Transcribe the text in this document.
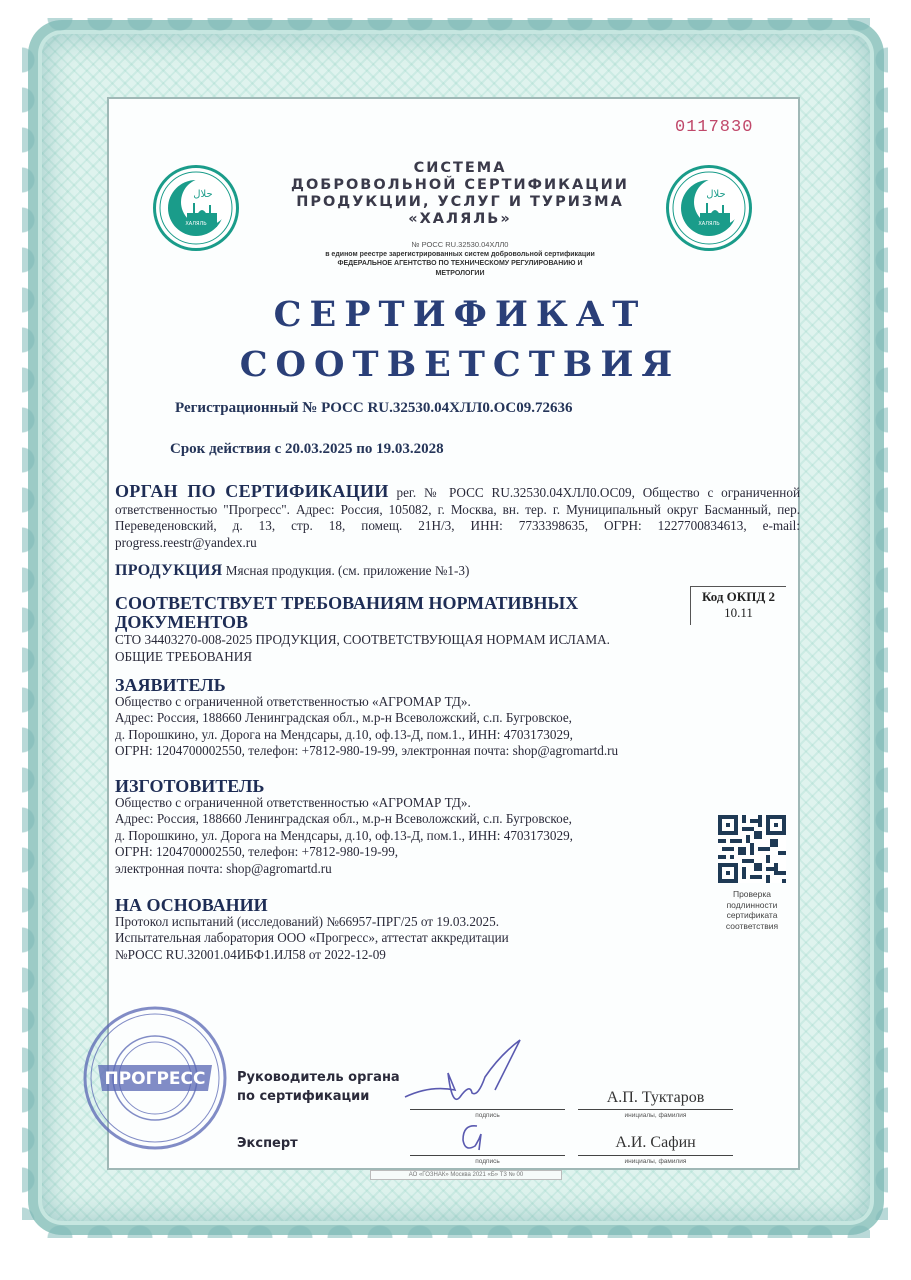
0117830
حلال
ХАЛЯЛЬ
حلال
ХАЛЯЛЬ
СИСТЕМА
ДОБРОВОЛЬНОЙ СЕРТИФИКАЦИИ
ПРОДУКЦИИ, УСЛУГ И ТУРИЗМА
«ХАЛЯЛЬ»
№ РОСС RU.32530.04ХЛЛ0
в едином реестре зарегистрированных систем добровольной сертификации
ФЕДЕРАЛЬНОЕ АГЕНТСТВО ПО ТЕХНИЧЕСКОМУ РЕГУЛИРОВАНИЮ И
МЕТРОЛОГИИ
СЕРТИФИКАТ
СООТВЕТСТВИЯ
Регистрационный № РОСС RU.32530.04ХЛЛ0.ОС09.72636
Срок действия с 20.03.2025 по 19.03.2028
ОРГАН ПО СЕРТИФИКАЦИИ рег. № РОСС RU.32530.04ХЛЛ0.ОС09, Общество с ограниченной ответственностью "Прогресс". Адрес: Россия, 105082, г. Москва, вн. тер. г. Муниципальный округ Басманный, пер. Переведеновский, д. 13, стр. 18, помещ. 21Н/3, ИНН: 7733398635, ОГРН: 1227700834613, e-mail: progress.reestr@yandex.ru
ПРОДУКЦИЯ Мясная продукция. (см. приложение №1-3)
СООТВЕТСТВУЕТ ТРЕБОВАНИЯМ НОРМАТИВНЫХ
ДОКУМЕНТОВ
СТО 34403270-008-2025 ПРОДУКЦИЯ, СООТВЕТСТВУЮЩАЯ НОРМАМ ИСЛАМА.
ОБЩИЕ ТРЕБОВАНИЯ
Код ОКПД 2
10.11
ЗАЯВИТЕЛЬ
Общество с ограниченной ответственностью «АГРОМАР ТД».
Адрес: Россия, 188660 Ленинградская обл., м.р-н Всеволожский, с.п. Бугровское,
д. Порошкино, ул. Дорога на Мендсары, д.10, оф.13-Д, пом.1., ИНН: 4703173029,
ОГРН: 1204700002550, телефон: +7812-980-19-99, электронная почта: shop@agromartd.ru
ИЗГОТОВИТЕЛЬ
Общество с ограниченной ответственностью «АГРОМАР ТД».
Адрес: Россия, 188660 Ленинградская обл., м.р-н Всеволожский, с.п. Бугровское,
д. Порошкино, ул. Дорога на Мендсары, д.10, оф.13-Д, пом.1., ИНН: 4703173029,
ОГРН: 1204700002550, телефон: +7812-980-19-99,
электронная почта: shop@agromartd.ru
НА ОСНОВАНИИ
Протокол испытаний (исследований) №66957-ПРГ/25 от 19.03.2025.
Испытательная лаборатория ООО «Прогресс», аттестат аккредитации
№РОСС RU.32001.04ИБФ1.ИЛ58 от 2022-12-09
Проверка
подлинности
сертификата
соответствия
ПРОГРЕСС Руководитель органа
по сертификации
подпись
А.П. Туктаров
инициалы, фамилия
Эксперт
подпись
А.И. Сафин
инициалы, фамилия
АО «ГОЗНАК» Москва 2021 «Б» Т3 № 00
